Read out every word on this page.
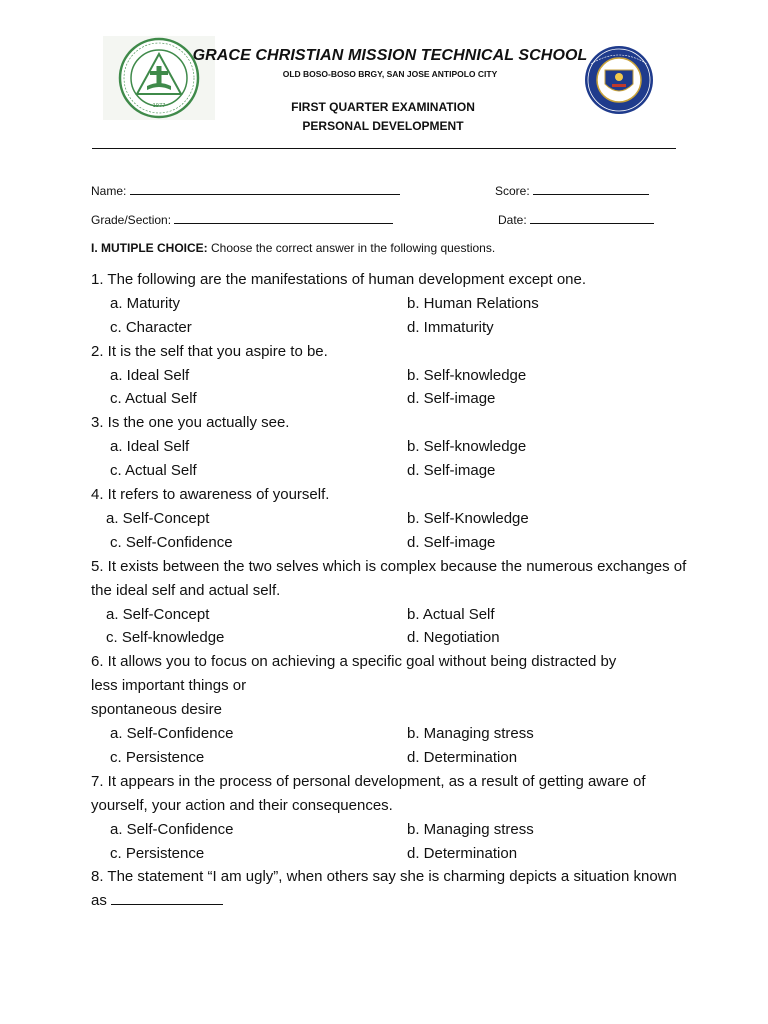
1977
GRACE CHRISTIAN MISSION TECHNICAL SCHOOL
OLD BOSO-BOSO BRGY, SAN JOSE ANTIPOLO CITY
FIRST QUARTER EXAMINATION
PERSONAL DEVELOPMENT
Name:	Score:
Grade/Section:	Date:
I. MUTIPLE CHOICE: Choose the correct answer in the following questions.

1. The following are the manifestations of human development except one.

a. Maturity	b. Human Relations
c. Character	d. Immaturity

2. It is the self that you aspire to be.

a. Ideal Self	b. Self-knowledge
c. Actual Self	d. Self-image

3. Is the one you actually see.

a. Ideal Self	b. Self-knowledge
c. Actual Self	d. Self-image

4. It refers to awareness of yourself.

a. Self-Concept	b. Self-Knowledge
c. Self-Confidence	d. Self-image

5. It exists between the two selves which is complex because the numerous exchanges of the ideal self and actual self.

a. Self-Concept	b. Actual Self
c. Self-knowledge	d. Negotiation

6. It allows you to focus on achieving a specific goal without being distracted by

less important things or

spontaneous desire

a. Self-Confidence	b. Managing stress
c. Persistence	d. Determination

7. It appears in the process of personal development, as a result of getting aware of yourself, your action and their consequences.

a. Self-Confidence	b. Managing stress
c. Persistence	d. Determination

8. The statement “I am ugly”, when others say she is charming depicts a situation known as
